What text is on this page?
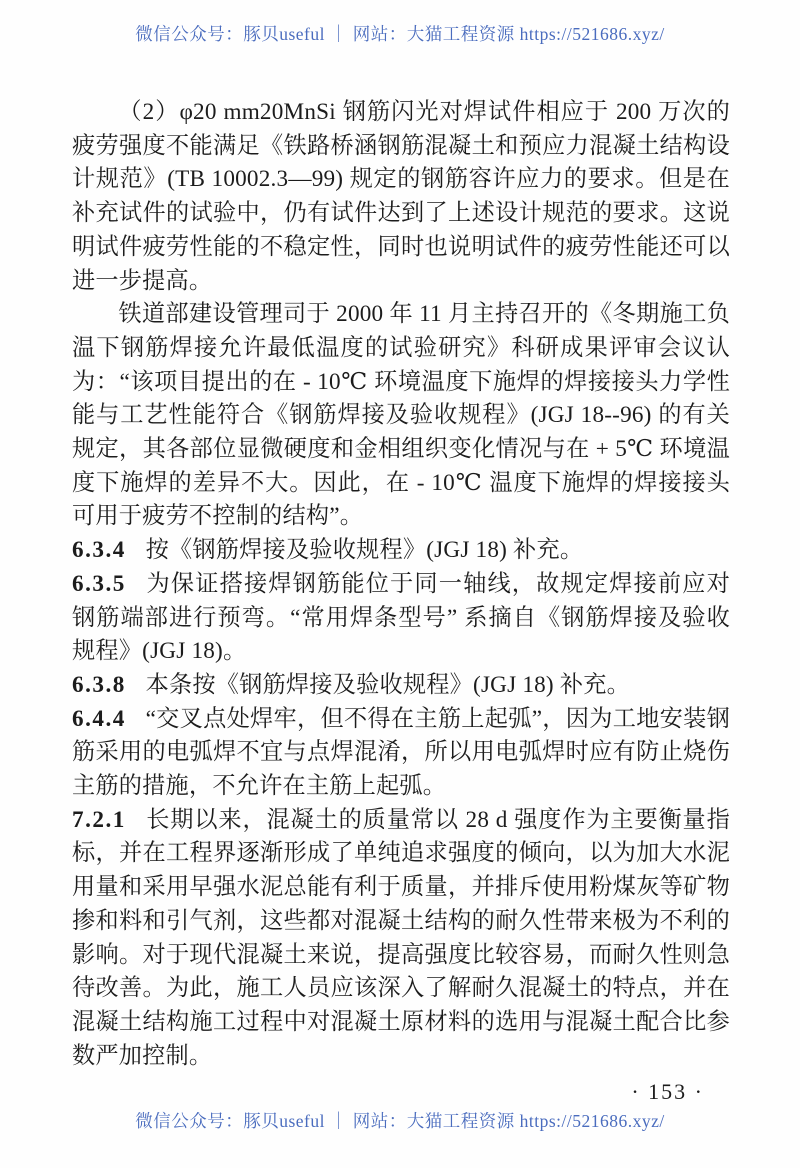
微信公众号：豚贝useful ｜ 网站：大猫工程资源 https://521686.xyz/

（2）φ20 mm20MnSi 钢筋闪光对焊试件相应于 200 万次的疲劳强度不能满足《铁路桥涵钢筋混凝土和预应力混凝土结构设计规范》(TB 10002.3—99) 规定的钢筋容许应力的要求。但是在补充试件的试验中，仍有试件达到了上述设计规范的要求。这说明试件疲劳性能的不稳定性，同时也说明试件的疲劳性能还可以进一步提高。

铁道部建设管理司于 2000 年 11 月主持召开的《冬期施工负温下钢筋焊接允许最低温度的试验研究》科研成果评审会议认为：“该项目提出的在 - 10℃ 环境温度下施焊的焊接接头力学性能与工艺性能符合《钢筋焊接及验收规程》(JGJ 18--96) 的有关规定，其各部位显微硬度和金相组织变化情况与在 + 5℃ 环境温度下施焊的差异不大。因此，在 - 10℃ 温度下施焊的焊接接头可用于疲劳不控制的结构”。

6.3.4 按《钢筋焊接及验收规程》(JGJ 18) 补充。

6.3.5 为保证搭接焊钢筋能位于同一轴线，故规定焊接前应对钢筋端部进行预弯。“常用焊条型号” 系摘自《钢筋焊接及验收规程》(JGJ 18)。

6.3.8 本条按《钢筋焊接及验收规程》(JGJ 18) 补充。

6.4.4 “交叉点处焊牢，但不得在主筋上起弧”，因为工地安装钢筋采用的电弧焊不宜与点焊混淆，所以用电弧焊时应有防止烧伤主筋的措施，不允许在主筋上起弧。

7.2.1 长期以来，混凝土的质量常以 28 d 强度作为主要衡量指标，并在工程界逐渐形成了单纯追求强度的倾向，以为加大水泥用量和采用早强水泥总能有利于质量，并排斥使用粉煤灰等矿物掺和料和引气剂，这些都对混凝土结构的耐久性带来极为不利的影响。对于现代混凝土来说，提高强度比较容易，而耐久性则急待改善。为此，施工人员应该深入了解耐久混凝土的特点，并在混凝土结构施工过程中对混凝土原材料的选用与混凝土配合比参数严加控制。

· 153 ·
微信公众号：豚贝useful ｜ 网站：大猫工程资源 https://521686.xyz/
